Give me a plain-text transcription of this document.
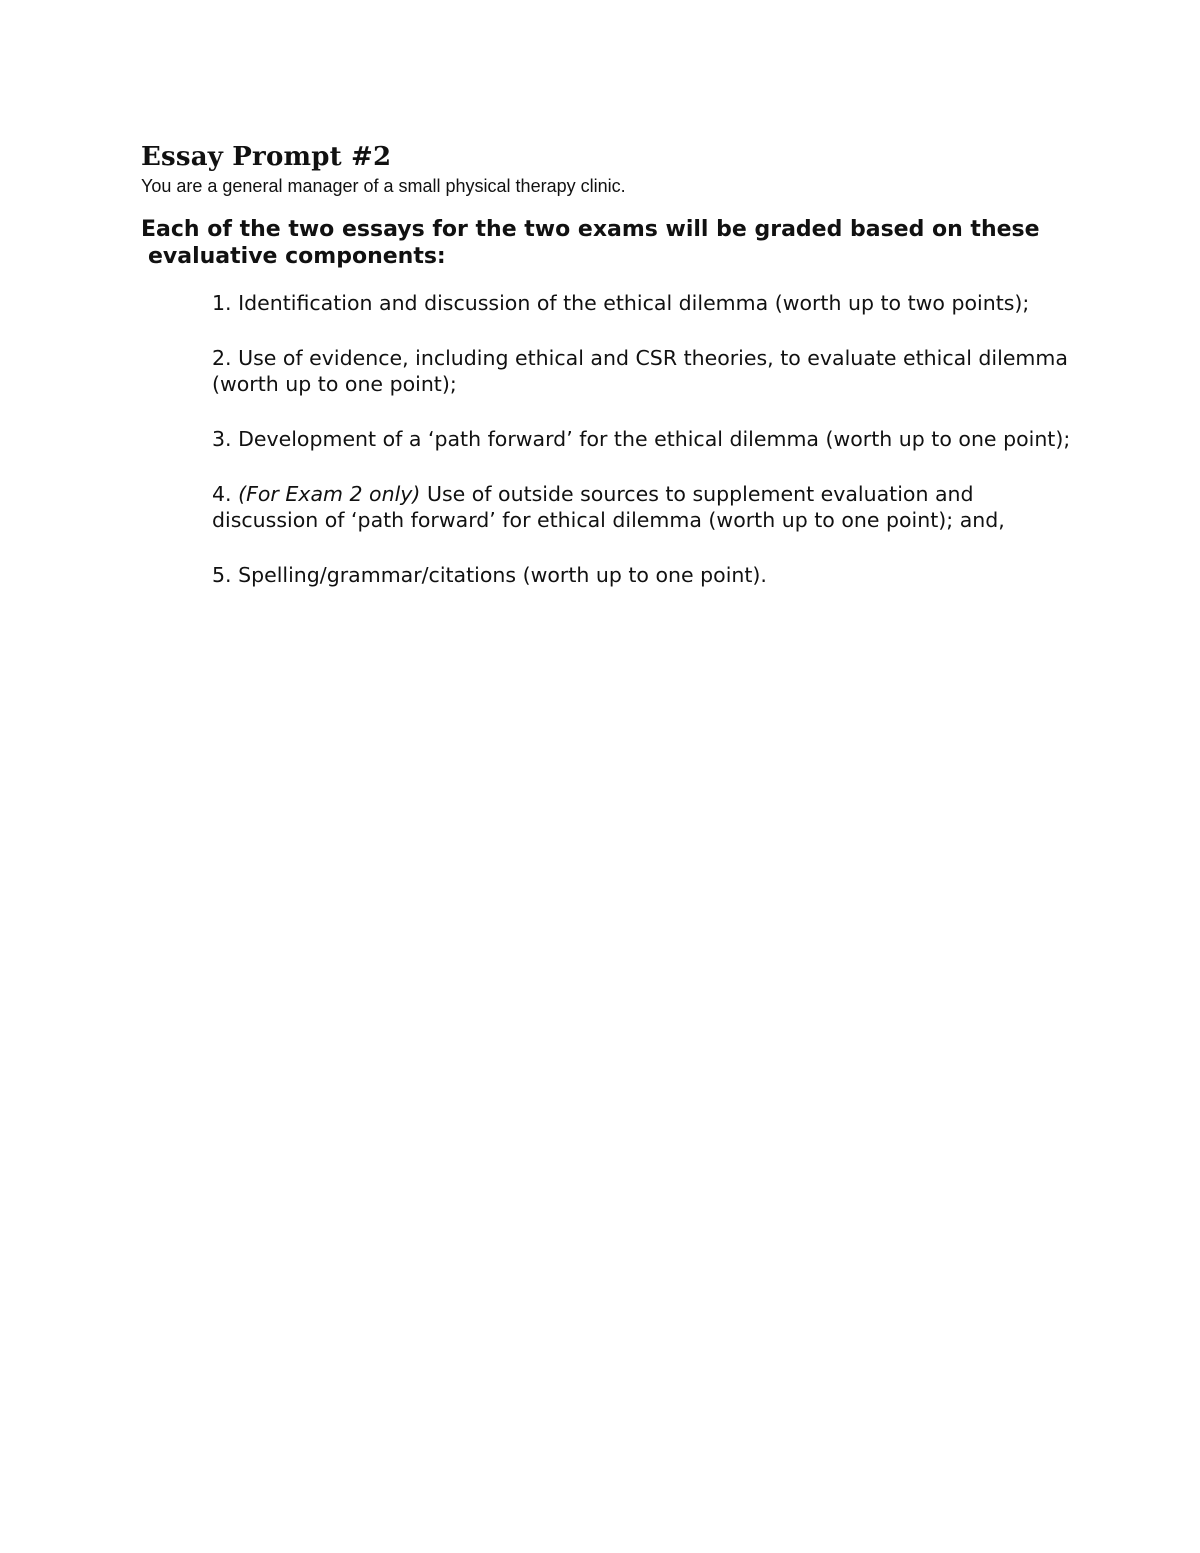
Essay Prompt #2

You are a general manager of a small physical therapy clinic.

Each of the two essays for the two exams will be graded based on these evaluative components:

1. Identification and discussion of the ethical dilemma (worth up to two points);
2. Use of evidence, including ethical and CSR theories, to evaluate ethical dilemma (worth up to one point);
3. Development of a ‘path forward’ for the ethical dilemma (worth up to one point);
4. (For Exam 2 only) Use of outside sources to supplement evaluation and discussion of ‘path forward’ for ethical dilemma (worth up to one point); and,
5. Spelling/grammar/citations (worth up to one point).
